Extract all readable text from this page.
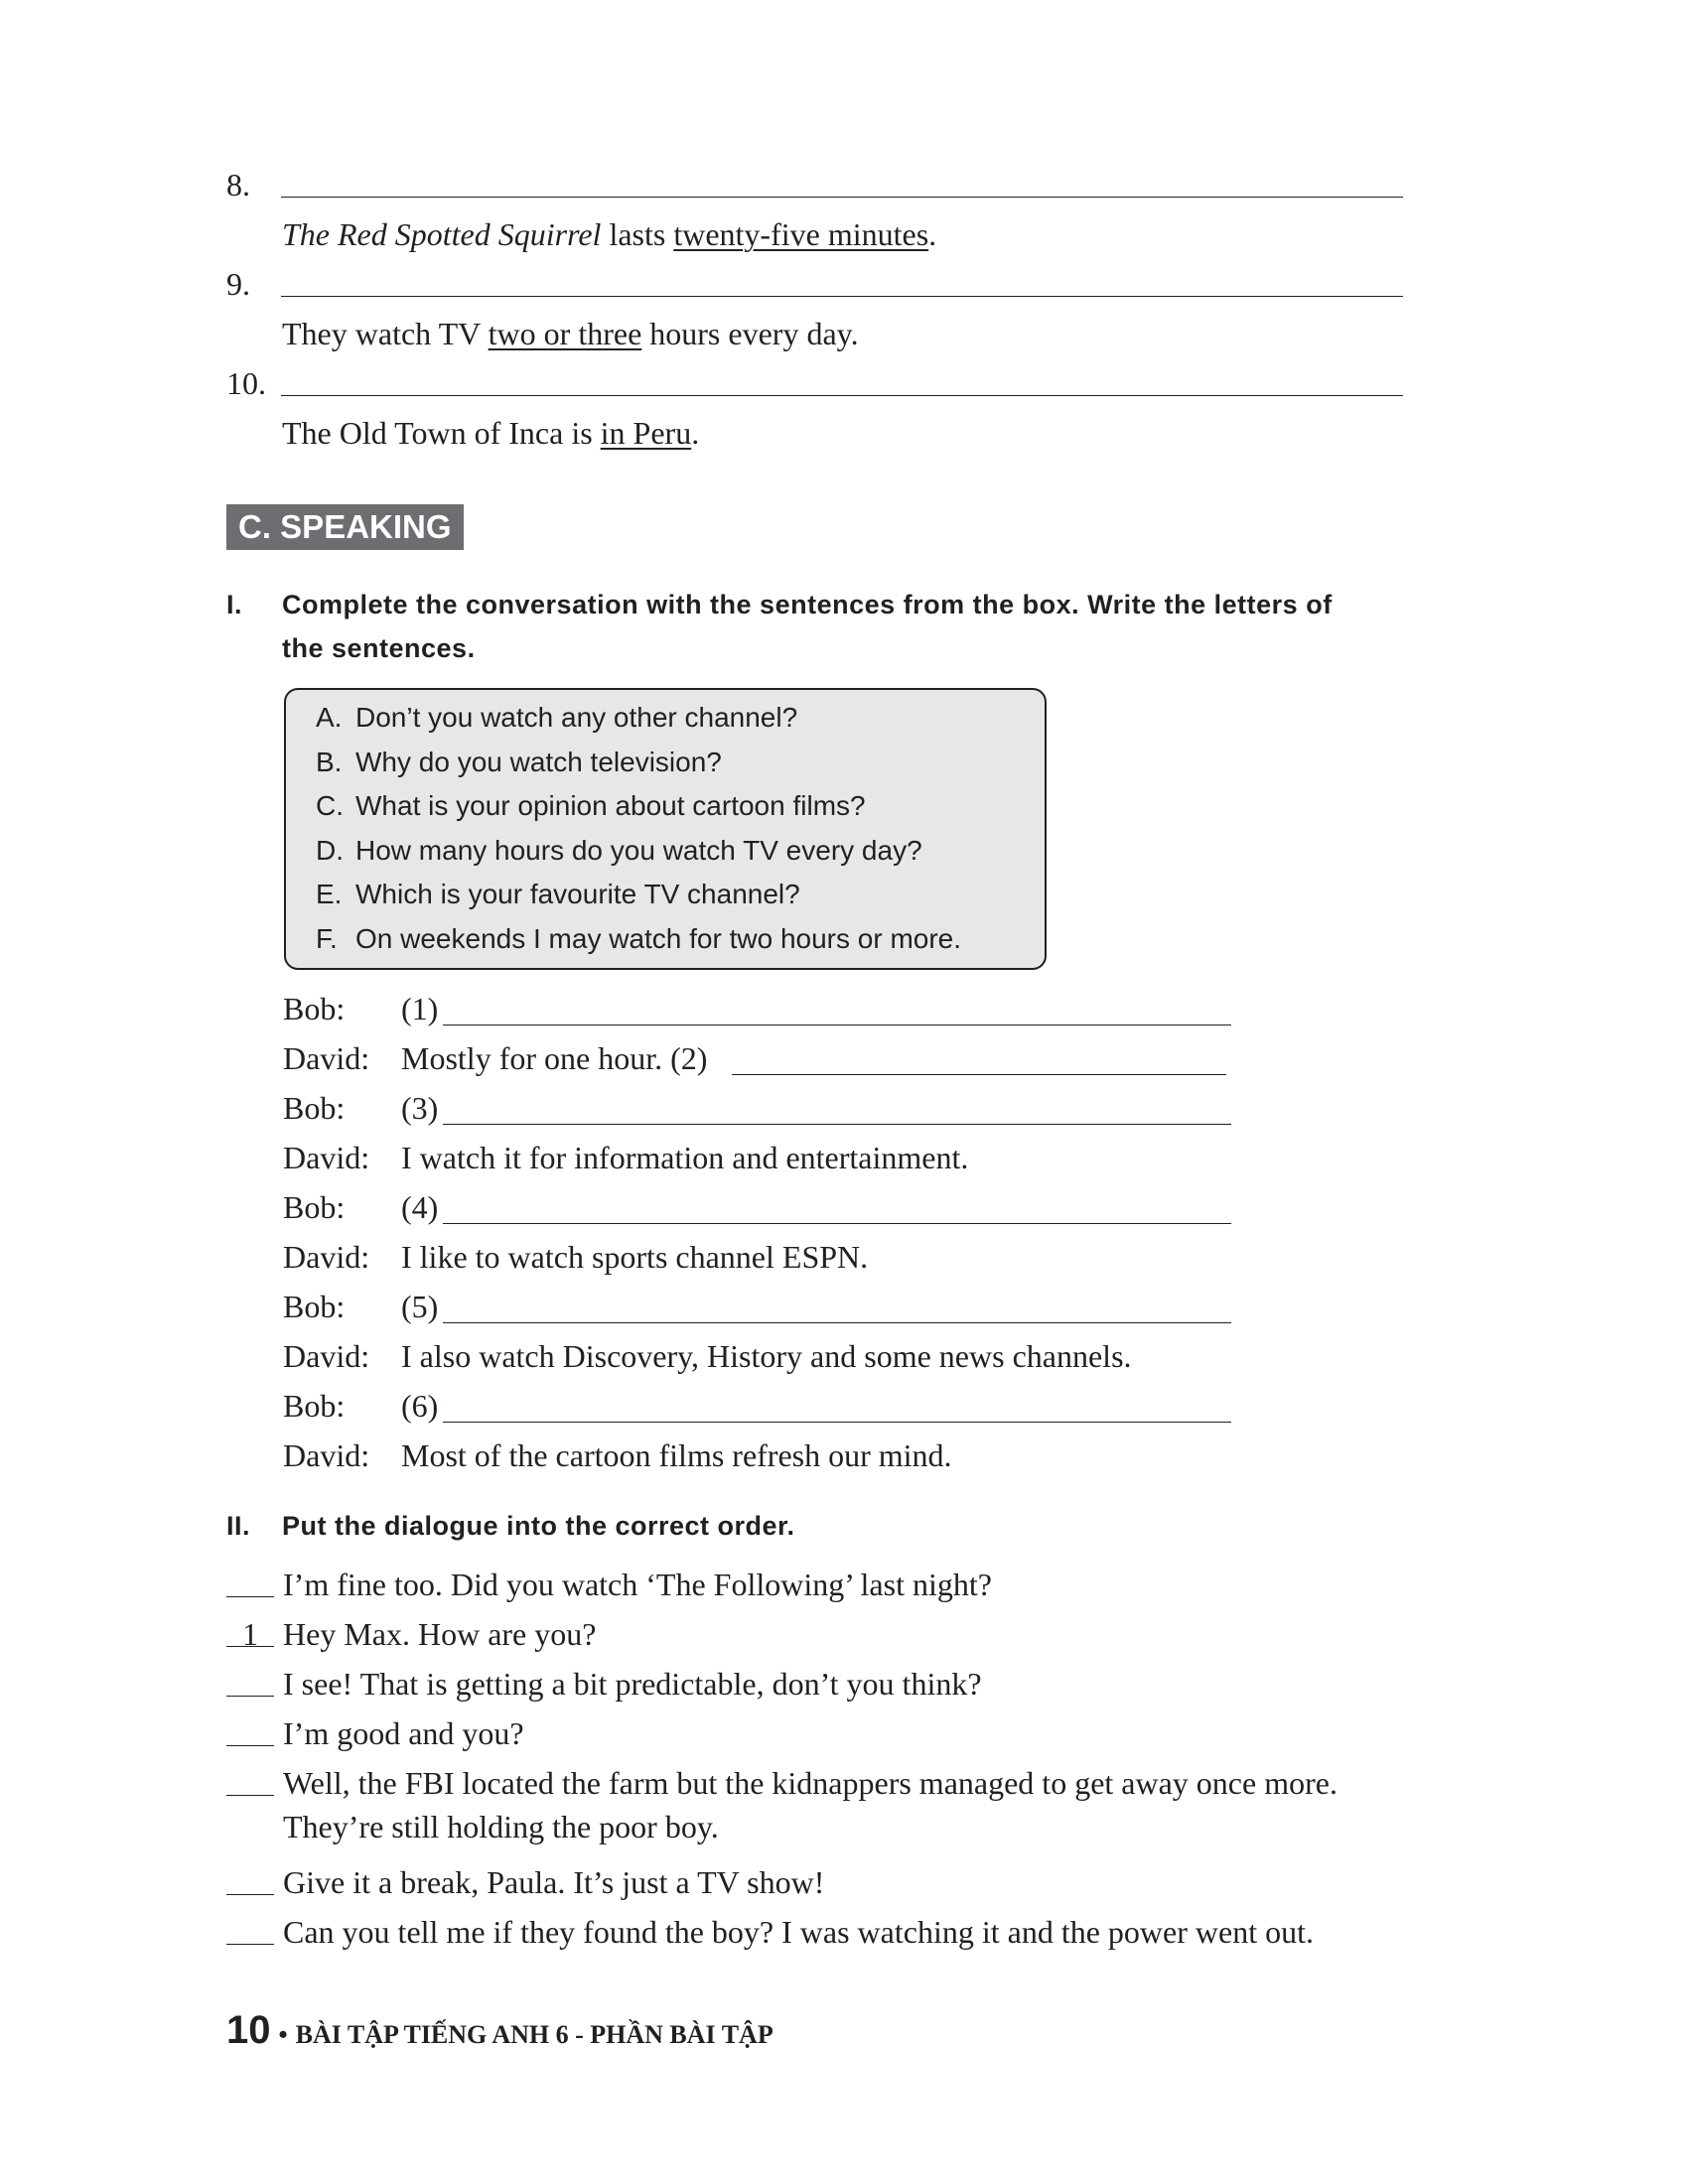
8.
The Red Spotted Squirrel lasts twenty-five minutes.
9.
They watch TV two or three hours every day.
10.
The Old Town of Inca is in Peru.
C. SPEAKING
I. Complete the conversation with the sentences from the box. Write the letters of
the sentences.
A. Don’t you watch any other channel?
B. Why do you watch television?
C. What is your opinion about cartoon films?
D. How many hours do you watch TV every day?
E. Which is your favourite TV channel?
F. On weekends I may watch for two hours or more.
Bob: (1)
David: Mostly for one hour. (2)
Bob: (3)
David: I watch it for information and entertainment.
Bob: (4)
David: I like to watch sports channel ESPN.
Bob: (5)
David: I also watch Discovery, History and some news channels.
Bob: (6)
David: Most of the cartoon films refresh our mind.
II. Put the dialogue into the correct order.
I’m fine too. Did you watch ‘The Following’ last night?
1 Hey Max. How are you?
I see! That is getting a bit predictable, don’t you think?
I’m good and you?
Well, the FBI located the farm but the kidnappers managed to get away once more.
They’re still holding the poor boy.
Give it a break, Paula. It’s just a TV show!
Can you tell me if they found the boy? I was watching it and the power went out.
10 • BÀI TẬP TIẾNG ANH 6 - PHẦN BÀI TẬP
